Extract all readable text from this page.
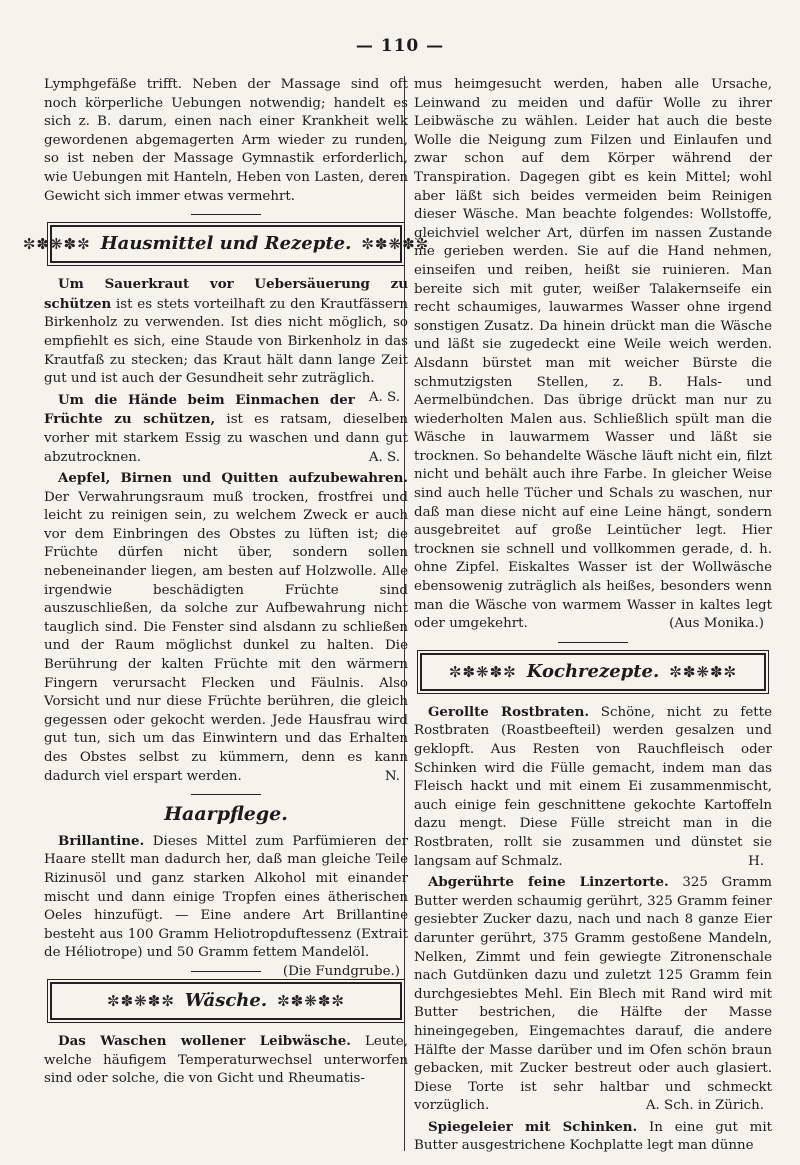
— 110 —

Lymphgefäße trifft. Neben der Massage sind oft noch körperliche Uebungen notwendig; handelt es sich z. B. darum, einen nach einer Krankheit welk gewordenen abgemagerten Arm wieder zu runden, so ist neben der Massage Gymnastik erforderlich, wie Uebungen mit Hanteln, Heben von Lasten, deren Gewicht sich immer etwas vermehrt.

✼✽❋✽✼ Hausmittel und Rezepte. ✼✽❋✽✼

Um Sauerkraut vor Uebersäuerung zu schützen ist es stets vorteilhaft zu den Krautfässern Birkenholz zu verwenden. Ist dies nicht möglich, so empfiehlt es sich, eine Staude von Birkenholz in das Krautfaß zu stecken; das Kraut hält dann lange Zeit gut und ist auch der Gesundheit sehr zuträglich.
A. S.

Um die Hände beim Einmachen der Früchte zu schützen, ist es ratsam, dieselben vorher mit starkem Essig zu waschen und dann gut abzutrocknen.	A. S.

Aepfel, Birnen und Quitten aufzubewahren. Der Verwahrungsraum muß trocken, frostfrei und leicht zu reinigen sein, zu welchem Zweck er auch vor dem Einbringen des Obstes zu lüften ist; die Früchte dürfen nicht über, sondern sollen nebeneinander liegen, am besten auf Holzwolle. Alle irgendwie beschädigten Früchte sind auszuschließen, da solche zur Aufbewahrung nicht tauglich sind. Die Fenster sind alsdann zu schließen und der Raum möglichst dunkel zu halten. Die Berührung der kalten Früchte mit den wärmern Fingern verursacht Flecken und Fäulnis. Also Vorsicht und nur diese Früchte berühren, die gleich gegessen oder gekocht werden. Jede Hausfrau wird gut tun, sich um das Einwintern und das Erhalten des Obstes selbst zu kümmern, denn es kann dadurch viel erspart werden.	N.

Haarpflege.

Brillantine. Dieses Mittel zum Parfümieren der Haare stellt man dadurch her, daß man gleiche Teile Rizinusöl und ganz starken Alkohol mit einander mischt und dann einige Tropfen eines ätherischen Oeles hinzufügt. — Eine andere Art Brillantine besteht aus 100 Gramm Heliotropduftessenz (Extrait de Héliotrope) und 50 Gramm fettem Mandelöl.
(Die Fundgrube.)

✼✽❋✽✼ Wäsche. ✼✽❋✽✼

Das Waschen wollener Leibwäsche. Leute, welche häufigem Temperaturwechsel unterworfen sind oder solche, die von Gicht und Rheumatis-

mus heimgesucht werden, haben alle Ursache, Leinwand zu meiden und dafür Wolle zu ihrer Leibwäsche zu wählen. Leider hat auch die beste Wolle die Neigung zum Filzen und Einlaufen und zwar schon auf dem Körper während der Transpiration. Dagegen gibt es kein Mittel; wohl aber läßt sich beides vermeiden beim Reinigen dieser Wäsche. Man beachte folgendes: Wollstoffe, gleichviel welcher Art, dürfen im nassen Zustande nie gerieben werden. Sie auf die Hand nehmen, einseifen und reiben, heißt sie ruinieren. Man bereite sich mit guter, weißer Talakernseife ein recht schaumiges, lauwarmes Wasser ohne irgend sonstigen Zusatz. Da hinein drückt man die Wäsche und läßt sie zugedeckt eine Weile weich werden. Alsdann bürstet man mit weicher Bürste die schmutzigsten Stellen, z. B. Hals- und Aermelbündchen. Das übrige drückt man nur zu wiederholten Malen aus. Schließlich spült man die Wäsche in lauwarmem Wasser und läßt sie trocknen. So behandelte Wäsche läuft nicht ein, filzt nicht und behält auch ihre Farbe. In gleicher Weise sind auch helle Tücher und Schals zu waschen, nur daß man diese nicht auf eine Leine hängt, sondern ausgebreitet auf große Leintücher legt. Hier trocknen sie schnell und vollkommen gerade, d. h. ohne Zipfel. Eiskaltes Wasser ist der Wollwäsche ebensowenig zuträglich als heißes, besonders wenn man die Wäsche von warmem Wasser in kaltes legt oder umgekehrt.	(Aus Monika.)

✼✽❋✽✼ Kochrezepte. ✼✽❋✽✼

Gerollte Rostbraten. Schöne, nicht zu fette Rostbraten (Roastbeefteil) werden gesalzen und geklopft. Aus Resten von Rauchfleisch oder Schinken wird die Fülle gemacht, indem man das Fleisch hackt und mit einem Ei zusammenmischt, auch einige fein geschnittene gekochte Kartoffeln dazu mengt. Diese Fülle streicht man in die Rostbraten, rollt sie zusammen und dünstet sie langsam auf Schmalz.	H.

Abgerührte feine Linzertorte. 325 Gramm Butter werden schaumig gerührt, 325 Gramm feiner gesiebter Zucker dazu, nach und nach 8 ganze Eier darunter gerührt, 375 Gramm gestoßene Mandeln, Nelken, Zimmt und fein gewiegte Zitronenschale nach Gutdünken dazu und zuletzt 125 Gramm fein durchgesiebtes Mehl. Ein Blech mit Rand wird mit Butter bestrichen, die Hälfte der Masse hineingegeben, Eingemachtes darauf, die andere Hälfte der Masse darüber und im Ofen schön braun gebacken, mit Zucker bestreut oder auch glasiert. Diese Torte ist sehr haltbar und schmeckt vorzüglich.	A. Sch. in Zürich.

Spiegeleier mit Schinken. In eine gut mit Butter ausgestrichene Kochplatte legt man dünne
